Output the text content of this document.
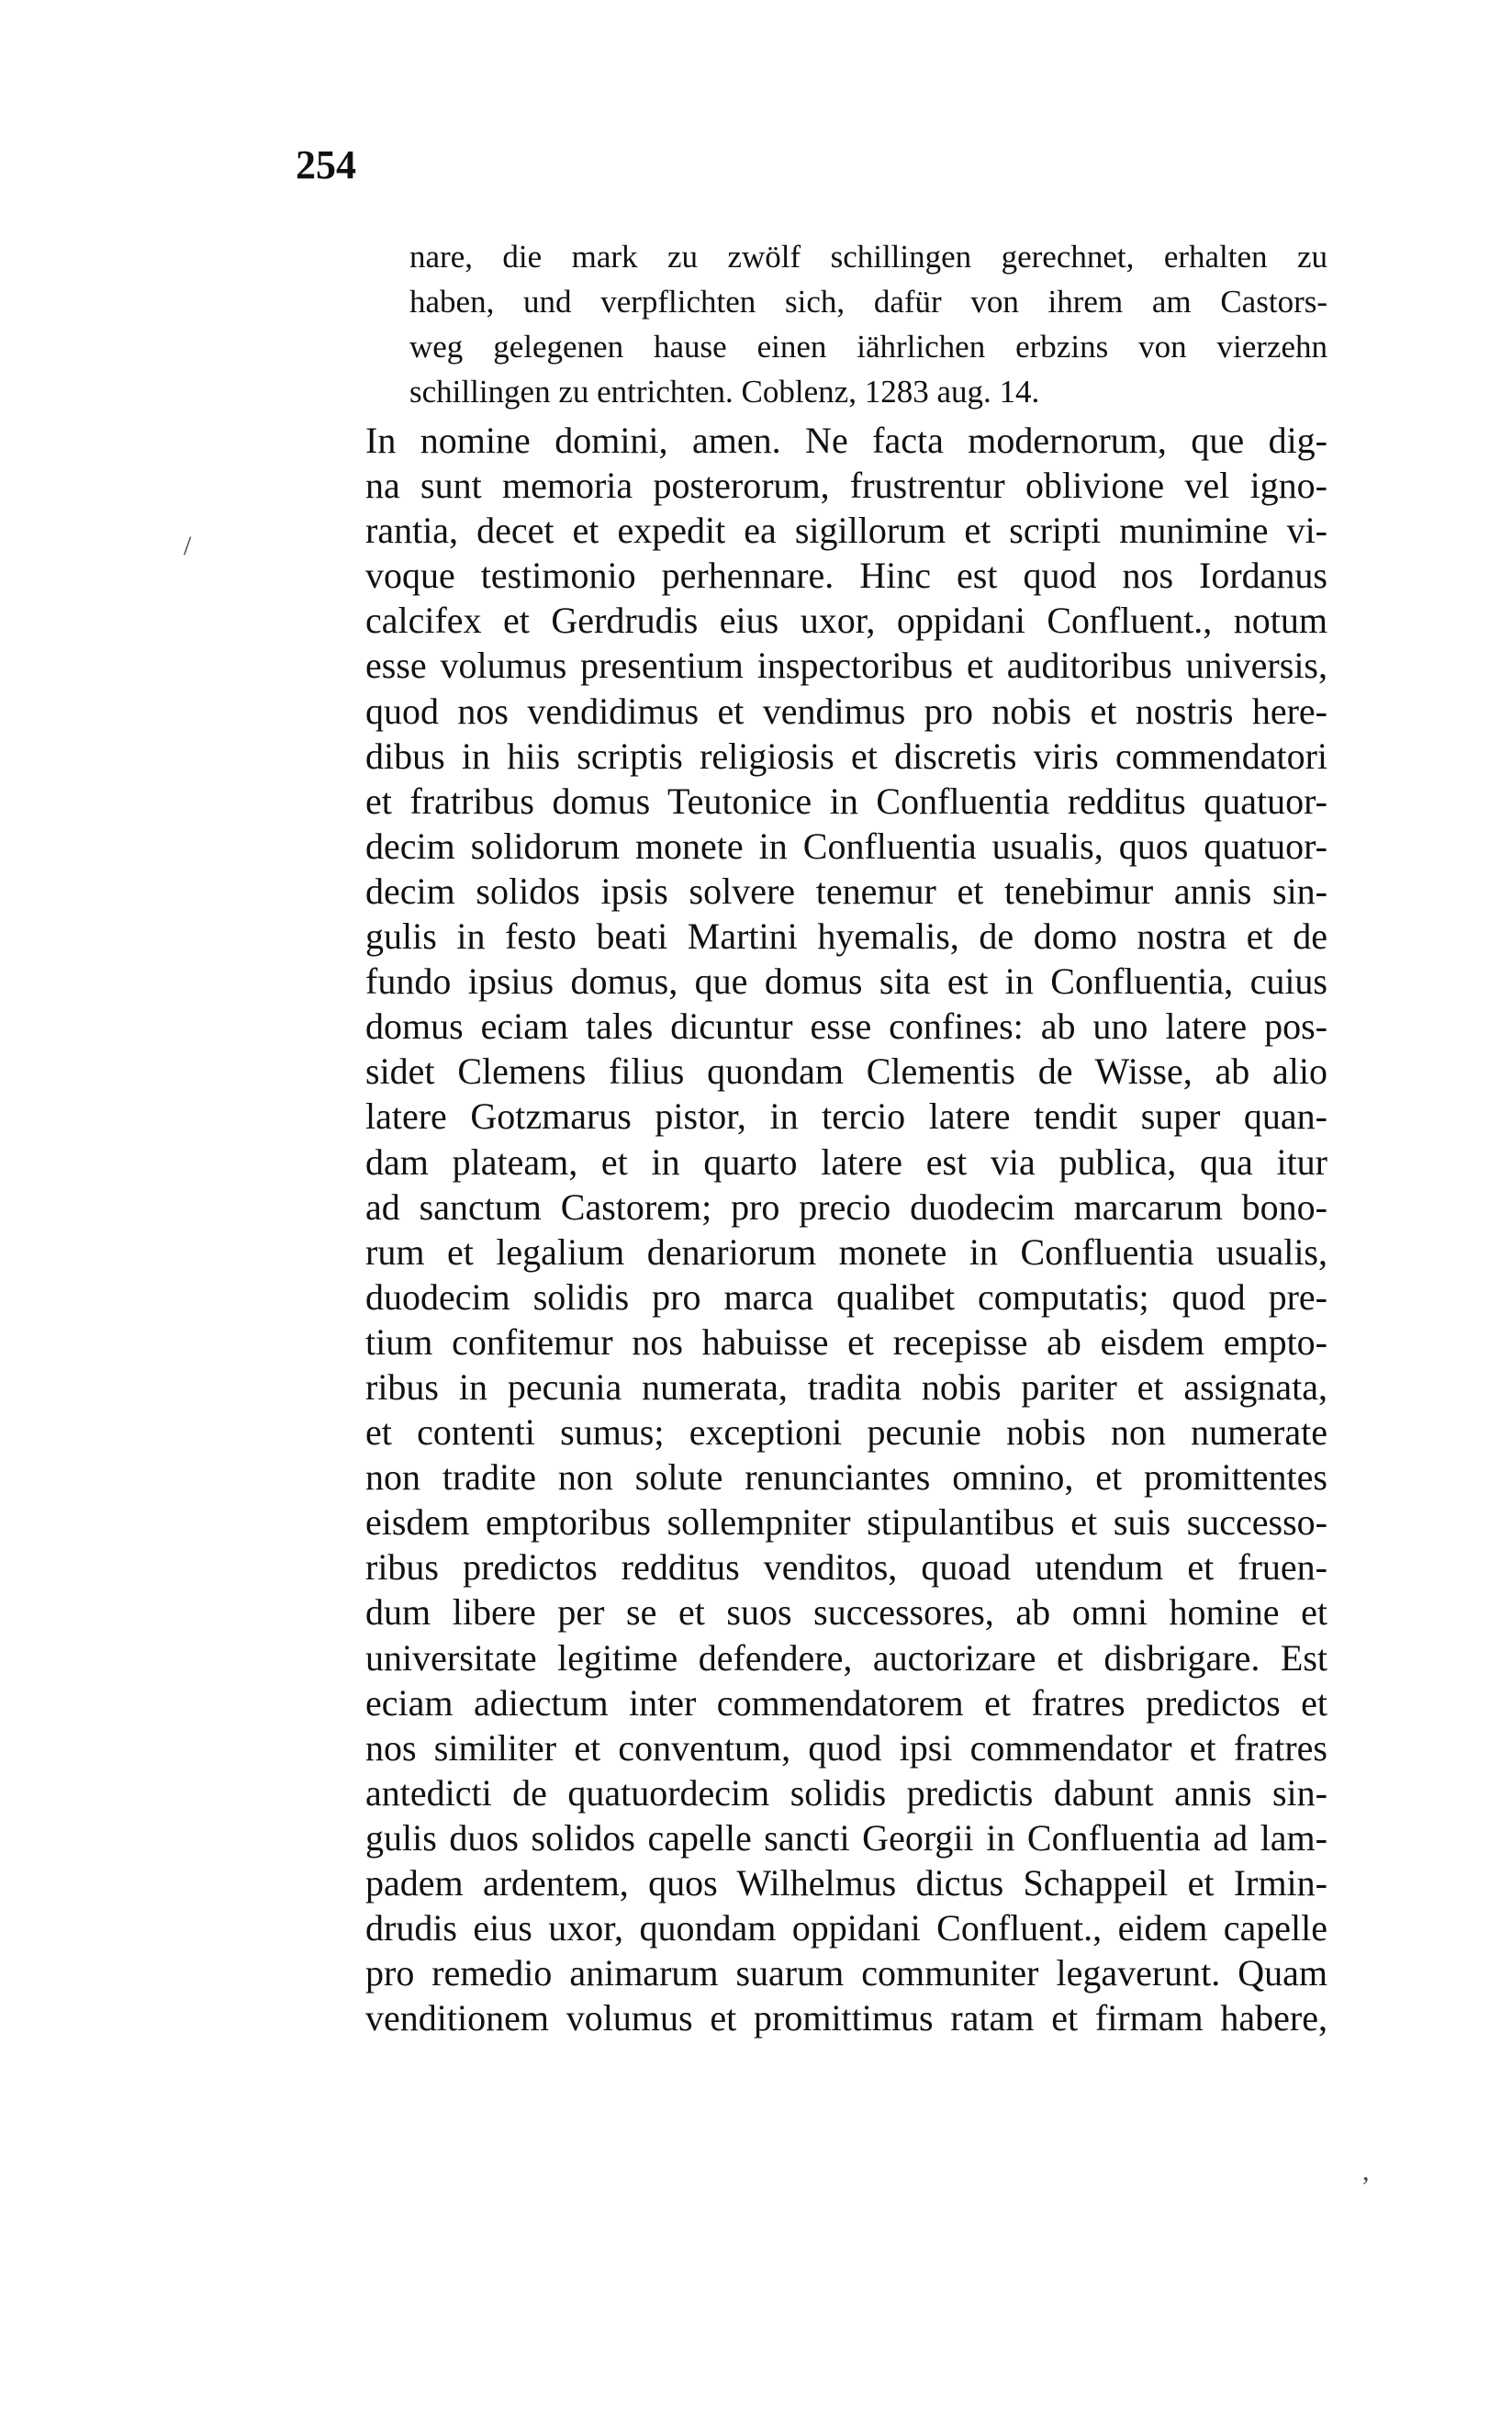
254
nare, die mark zu zwölf schillingen gerechnet, erhalten zu
haben, und verpflichten sich, dafür von ihrem am Castors-
weg gelegenen hause einen iährlichen erbzins von vierzehn
schillingen zu entrichten. Coblenz, 1283 aug. 14.
In nomine domini, amen. Ne facta modernorum, que dig-
na sunt memoria posterorum, frustrentur oblivione vel igno-
rantia, decet et expedit ea sigillorum et scripti munimine vi-
voque testimonio perhennare. Hinc est quod nos Iordanus
calcifex et Gerdrudis eius uxor, oppidani Confluent., notum
esse volumus presentium inspectoribus et auditoribus universis,
quod nos vendidimus et vendimus pro nobis et nostris here-
dibus in hiis scriptis religiosis et discretis viris commendatori
et fratribus domus Teutonice in Confluentia redditus quatuor-
decim solidorum monete in Confluentia usualis, quos quatuor-
decim solidos ipsis solvere tenemur et tenebimur annis sin-
gulis in festo beati Martini hyemalis, de domo nostra et de
fundo ipsius domus, que domus sita est in Confluentia, cuius
domus eciam tales dicuntur esse confines: ab uno latere pos-
sidet Clemens filius quondam Clementis de Wisse, ab alio
latere Gotzmarus pistor, in tercio latere tendit super quan-
dam plateam, et in quarto latere est via publica, qua itur
ad sanctum Castorem; pro precio duodecim marcarum bono-
rum et legalium denariorum monete in Confluentia usualis,
duodecim solidis pro marca qualibet computatis; quod pre-
tium confitemur nos habuisse et recepisse ab eisdem empto-
ribus in pecunia numerata, tradita nobis pariter et assignata,
et contenti sumus; exceptioni pecunie nobis non numerate
non tradite non solute renunciantes omnino, et promittentes
eisdem emptoribus sollempniter stipulantibus et suis successo-
ribus predictos redditus venditos, quoad utendum et fruen-
dum libere per se et suos successores, ab omni homine et
universitate legitime defendere, auctorizare et disbrigare. Est
eciam adiectum inter commendatorem et fratres predictos et
nos similiter et conventum, quod ipsi commendator et fratres
antedicti de quatuordecim solidis predictis dabunt annis sin-
gulis duos solidos capelle sancti Georgii in Confluentia ad lam-
padem ardentem, quos Wilhelmus dictus Schappeil et Irmin-
drudis eius uxor, quondam oppidani Confluent., eidem capelle
pro remedio animarum suarum communiter legaverunt. Quam
venditionem volumus et promittimus ratam et firmam habere,
/
,
